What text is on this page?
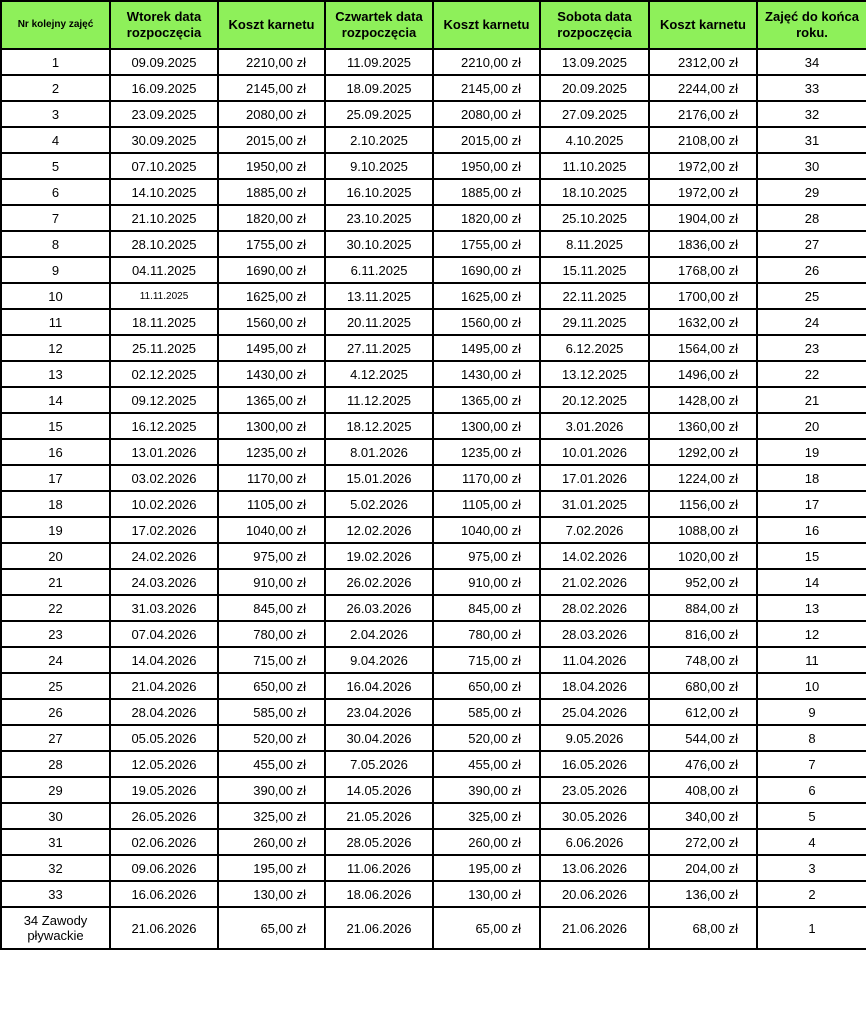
Nr kolejny zajęć	Wtorek data rozpoczęcia	Koszt karnetu	Czwartek data rozpoczęcia	Koszt karnetu	Sobota data rozpoczęcia	Koszt karnetu	Zajęć do końca roku.
1	09.09.2025	2210,00 zł	11.09.2025	2210,00 zł	13.09.2025	2312,00 zł	34
2	16.09.2025	2145,00 zł	18.09.2025	2145,00 zł	20.09.2025	2244,00 zł	33
3	23.09.2025	2080,00 zł	25.09.2025	2080,00 zł	27.09.2025	2176,00 zł	32
4	30.09.2025	2015,00 zł	2.10.2025	2015,00 zł	4.10.2025	2108,00 zł	31
5	07.10.2025	1950,00 zł	9.10.2025	1950,00 zł	11.10.2025	1972,00 zł	30
6	14.10.2025	1885,00 zł	16.10.2025	1885,00 zł	18.10.2025	1972,00 zł	29
7	21.10.2025	1820,00 zł	23.10.2025	1820,00 zł	25.10.2025	1904,00 zł	28
8	28.10.2025	1755,00 zł	30.10.2025	1755,00 zł	8.11.2025	1836,00 zł	27
9	04.11.2025	1690,00 zł	6.11.2025	1690,00 zł	15.11.2025	1768,00 zł	26
10	11.11.2025	1625,00 zł	13.11.2025	1625,00 zł	22.11.2025	1700,00 zł	25
11	18.11.2025	1560,00 zł	20.11.2025	1560,00 zł	29.11.2025	1632,00 zł	24
12	25.11.2025	1495,00 zł	27.11.2025	1495,00 zł	6.12.2025	1564,00 zł	23
13	02.12.2025	1430,00 zł	4.12.2025	1430,00 zł	13.12.2025	1496,00 zł	22
14	09.12.2025	1365,00 zł	11.12.2025	1365,00 zł	20.12.2025	1428,00 zł	21
15	16.12.2025	1300,00 zł	18.12.2025	1300,00 zł	3.01.2026	1360,00 zł	20
16	13.01.2026	1235,00 zł	8.01.2026	1235,00 zł	10.01.2026	1292,00 zł	19
17	03.02.2026	1170,00 zł	15.01.2026	1170,00 zł	17.01.2026	1224,00 zł	18
18	10.02.2026	1105,00 zł	5.02.2026	1105,00 zł	31.01.2025	1156,00 zł	17
19	17.02.2026	1040,00 zł	12.02.2026	1040,00 zł	7.02.2026	1088,00 zł	16
20	24.02.2026	975,00 zł	19.02.2026	975,00 zł	14.02.2026	1020,00 zł	15
21	24.03.2026	910,00 zł	26.02.2026	910,00 zł	21.02.2026	952,00 zł	14
22	31.03.2026	845,00 zł	26.03.2026	845,00 zł	28.02.2026	884,00 zł	13
23	07.04.2026	780,00 zł	2.04.2026	780,00 zł	28.03.2026	816,00 zł	12
24	14.04.2026	715,00 zł	9.04.2026	715,00 zł	11.04.2026	748,00 zł	11
25	21.04.2026	650,00 zł	16.04.2026	650,00 zł	18.04.2026	680,00 zł	10
26	28.04.2026	585,00 zł	23.04.2026	585,00 zł	25.04.2026	612,00 zł	9
27	05.05.2026	520,00 zł	30.04.2026	520,00 zł	9.05.2026	544,00 zł	8
28	12.05.2026	455,00 zł	7.05.2026	455,00 zł	16.05.2026	476,00 zł	7
29	19.05.2026	390,00 zł	14.05.2026	390,00 zł	23.05.2026	408,00 zł	6
30	26.05.2026	325,00 zł	21.05.2026	325,00 zł	30.05.2026	340,00 zł	5
31	02.06.2026	260,00 zł	28.05.2026	260,00 zł	6.06.2026	272,00 zł	4
32	09.06.2026	195,00 zł	11.06.2026	195,00 zł	13.06.2026	204,00 zł	3
33	16.06.2026	130,00 zł	18.06.2026	130,00 zł	20.06.2026	136,00 zł	2
34 Zawody pływackie	21.06.2026	65,00 zł	21.06.2026	65,00 zł	21.06.2026	68,00 zł	1
